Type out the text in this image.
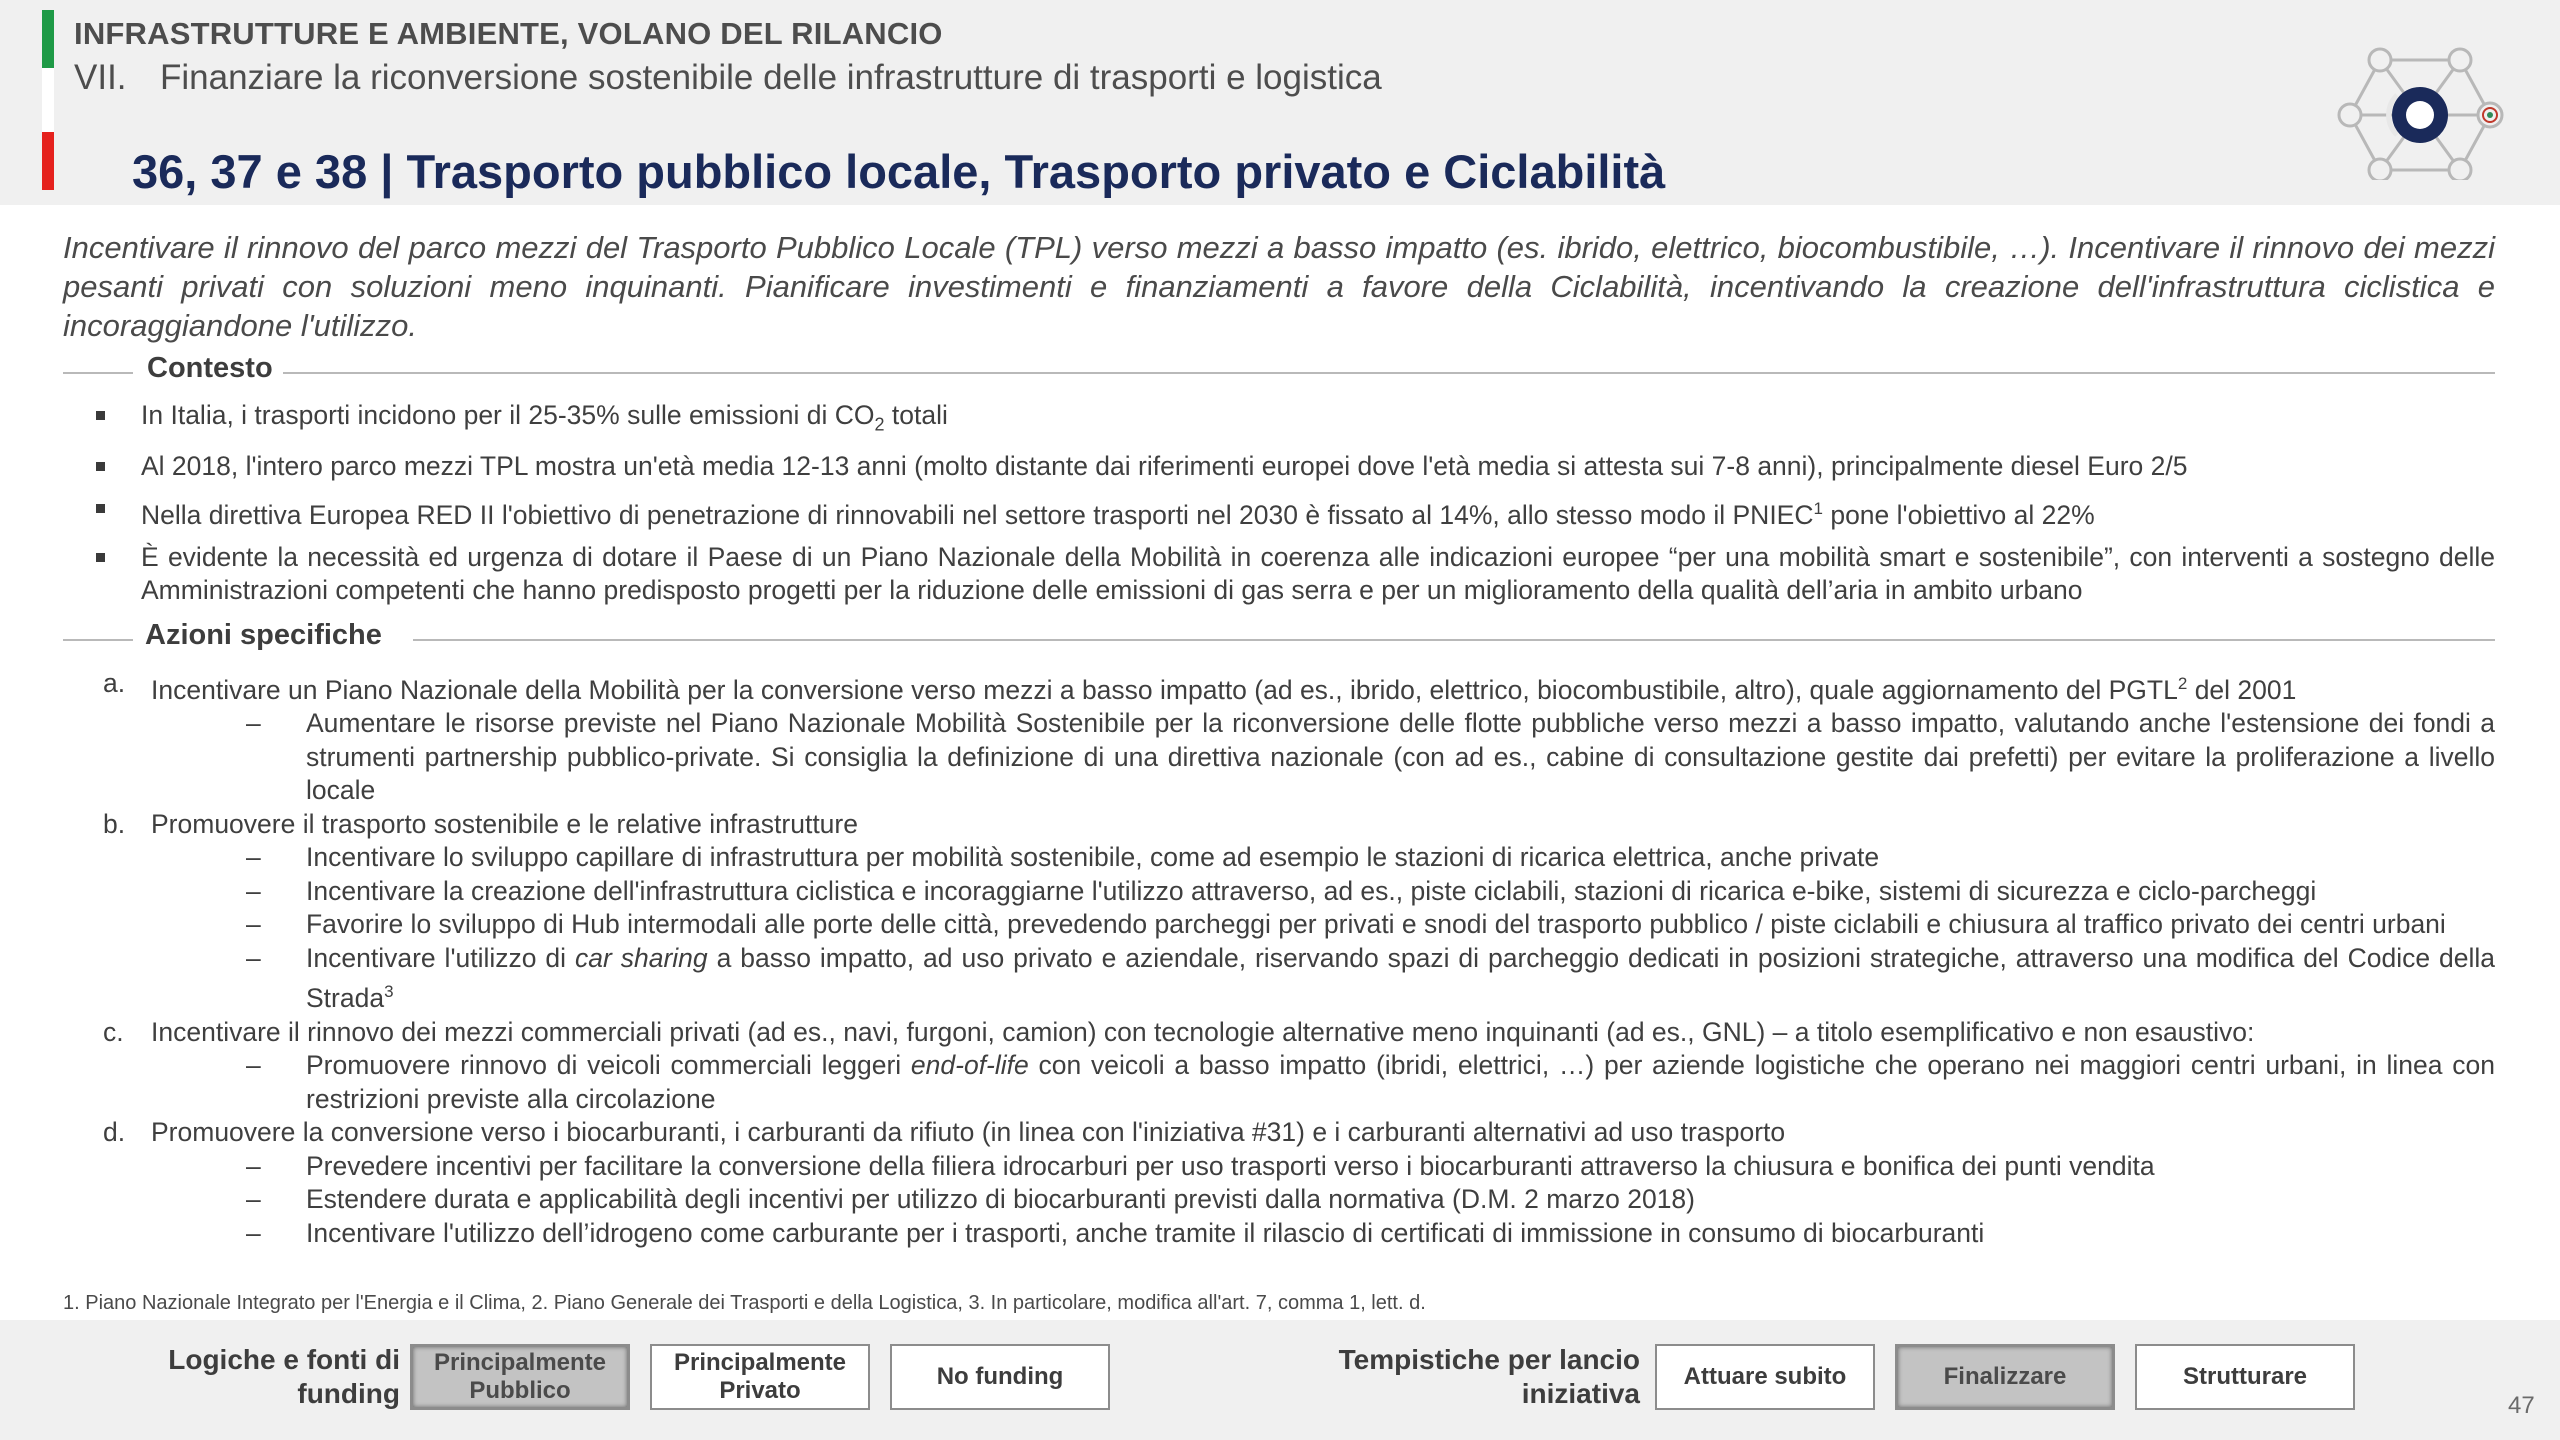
INFRASTRUTTURE E AMBIENTE, VOLANO DEL RILANCIO
VII. Finanziare la riconversione sostenibile delle infrastrutture di trasporti e logistica
36, 37 e 38 | Trasporto pubblico locale, Trasporto privato e Ciclabilità

Incentivare il rinnovo del parco mezzi del Trasporto Pubblico Locale (TPL) verso mezzi a basso impatto (es. ibrido, elettrico, biocombustibile, …). Incentivare il rinnovo dei mezzi pesanti privati con soluzioni meno inquinanti. Pianificare investimenti e finanziamenti a favore della Ciclabilità, incentivando la creazione dell'infrastruttura ciclistica e incoraggiandone l'utilizzo.

Contesto
In Italia, i trasporti incidono per il 25-35% sulle emissioni di $CO_2$ totali
Al 2018, l'intero parco mezzi TPL mostra un'età media 12-13 anni (molto distante dai riferimenti europei dove l'età media si attesta sui 7-8 anni), principalmente diesel Euro 2/5
Nella direttiva Europea RED II l'obiettivo di penetrazione di rinnovabili nel settore trasporti nel 2030 è fissato al 14%, allo stesso modo il PNIEC$^1$ pone l'obiettivo al 22%
È evidente la necessità ed urgenza di dotare il Paese di un Piano Nazionale della Mobilità in coerenza alle indicazioni europee “per una mobilità smart e sostenibile”, con interventi a sostegno delle Amministrazioni competenti che hanno predisposto progetti per la riduzione delle emissioni di gas serra e per un miglioramento della qualità dell’aria in ambito urbano
Azioni specifiche
a. Incentivare un Piano Nazionale della Mobilità per la conversione verso mezzi a basso impatto (ad es., ibrido, elettrico, biocombustibile, altro), quale aggiornamento del PGTL$^2$ del 2001
– Aumentare le risorse previste nel Piano Nazionale Mobilità Sostenibile per la riconversione delle flotte pubbliche verso mezzi a basso impatto, valutando anche l'estensione dei fondi a strumenti partnership pubblico-private. Si consiglia la definizione di una direttiva nazionale (con ad es., cabine di consultazione gestite dai prefetti) per evitare la proliferazione a livello locale
b. Promuovere il trasporto sostenibile e le relative infrastrutture
– Incentivare lo sviluppo capillare di infrastruttura per mobilità sostenibile, come ad esempio le stazioni di ricarica elettrica, anche private
– Incentivare la creazione dell'infrastruttura ciclistica e incoraggiarne l'utilizzo attraverso, ad es., piste ciclabili, stazioni di ricarica e-bike, sistemi di sicurezza e ciclo-parcheggi
– Favorire lo sviluppo di Hub intermodali alle porte delle città, prevedendo parcheggi per privati e snodi del trasporto pubblico / piste ciclabili e chiusura al traffico privato dei centri urbani
– Incentivare l'utilizzo di car sharing a basso impatto, ad uso privato e aziendale, riservando spazi di parcheggio dedicati in posizioni strategiche, attraverso una modifica del Codice della Strada$^3$
c. Incentivare il rinnovo dei mezzi commerciali privati (ad es., navi, furgoni, camion) con tecnologie alternative meno inquinanti (ad es., GNL) – a titolo esemplificativo e non esaustivo:
– Promuovere rinnovo di veicoli commerciali leggeri end-of-life con veicoli a basso impatto (ibridi, elettrici, …) per aziende logistiche che operano nei maggiori centri urbani, in linea con restrizioni previste alla circolazione
d. Promuovere la conversione verso i biocarburanti, i carburanti da rifiuto (in linea con l'iniziativa #31) e i carburanti alternativi ad uso trasporto
– Prevedere incentivi per facilitare la conversione della filiera idrocarburi per uso trasporti verso i biocarburanti attraverso la chiusura e bonifica dei punti vendita
– Estendere durata e applicabilità degli incentivi per utilizzo di biocarburanti previsti dalla normativa (D.M. 2 marzo 2018)
– Incentivare l'utilizzo dell’idrogeno come carburante per i trasporti, anche tramite il rilascio di certificati di immissione in consumo di biocarburanti
1. Piano Nazionale Integrato per l'Energia e il Clima, 2. Piano Generale dei Trasporti e della Logistica, 3. In particolare, modifica all'art. 7, comma 1, lett. d.
Logiche e fonti di
funding
Principalmente
Pubblico
Principalmente
Privato
No funding
Tempistiche per lancio
iniziativa
Attuare subito	Finalizzare	Strutturare
47
